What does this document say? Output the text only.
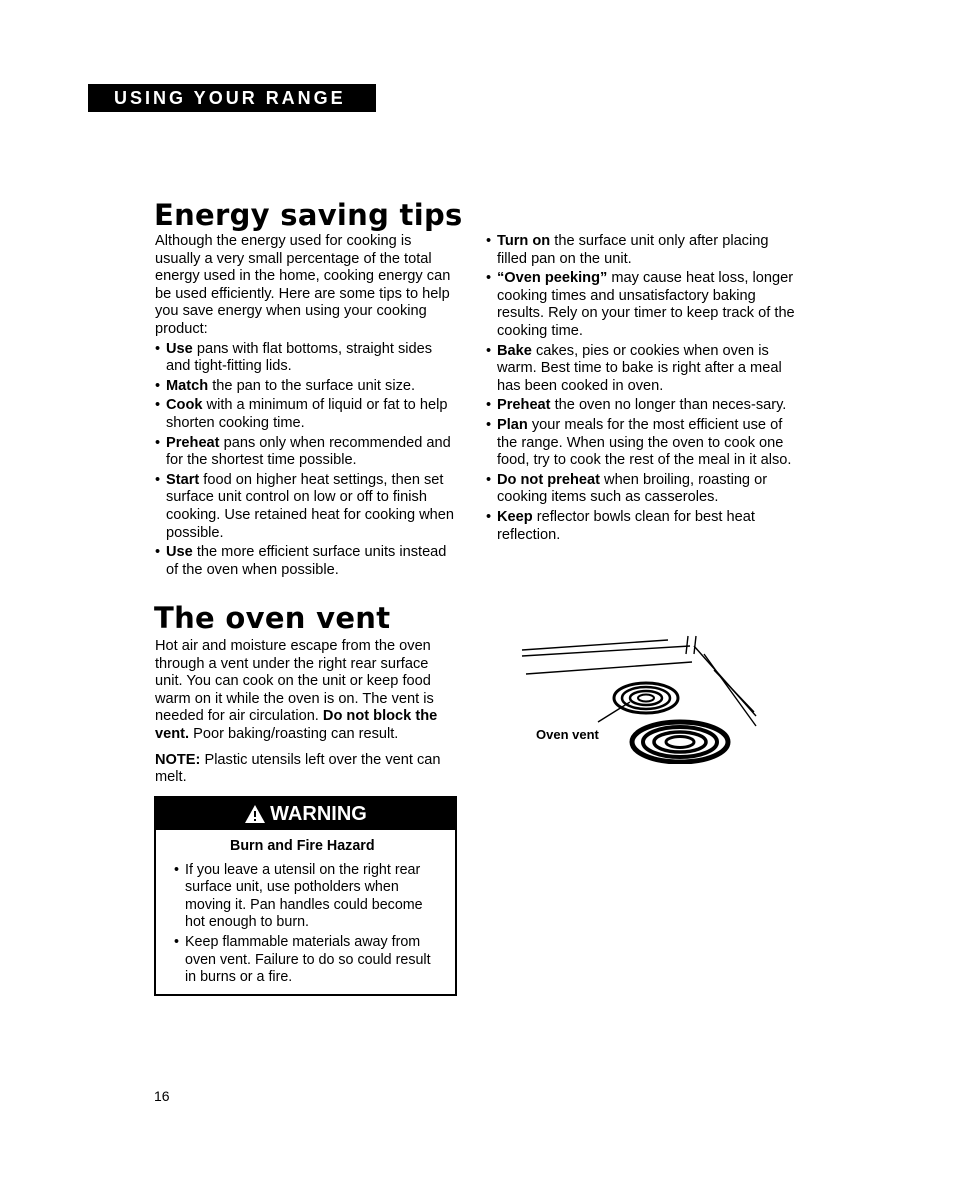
USING YOUR RANGE
Energy saving tips

Although the energy used for cooking is usually a very small percentage of the total energy used in the home, cooking energy can be used efficiently. Here are some tips to help you save energy when using your cooking product:

• Use pans with flat bottoms, straight sides and tight-fitting lids.
• Match the pan to the surface unit size.
• Cook with a minimum of liquid or fat to help shorten cooking time.
• Preheat pans only when recommended and for the shortest time possible.
• Start food on higher heat settings, then set surface unit control on low or off to finish cooking. Use retained heat for cooking when possible.
• Use the more efficient surface units instead of the oven when possible.
• Turn on the surface unit only after placing filled pan on the unit.
• “Oven peeking” may cause heat loss, longer cooking times and unsatisfactory baking results. Rely on your timer to keep track of the cooking time.
• Bake cakes, pies or cookies when oven is warm. Best time to bake is right after a meal has been cooked in oven.
• Preheat the oven no longer than neces-sary.
• Plan your meals for the most efficient use of the range. When using the oven to cook one food, try to cook the rest of the meal in it also.
• Do not preheat when broiling, roasting or cooking items such as casseroles.
• Keep reflector bowls clean for best heat reflection.
The oven vent

Hot air and moisture escape from the oven through a vent under the right rear surface unit. You can cook on the unit or keep food warm on it while the oven is on. The vent is needed for air circulation. Do not block the vent. Poor baking/roasting can result.

NOTE: Plastic utensils left over the vent can melt.

Oven vent
WARNING

Burn and Fire Hazard

• If you leave a utensil on the right rear surface unit, use potholders when moving it. Pan handles could become hot enough to burn.
• Keep flammable materials away from oven vent. Failure to do so could result in burns or a fire.
16
